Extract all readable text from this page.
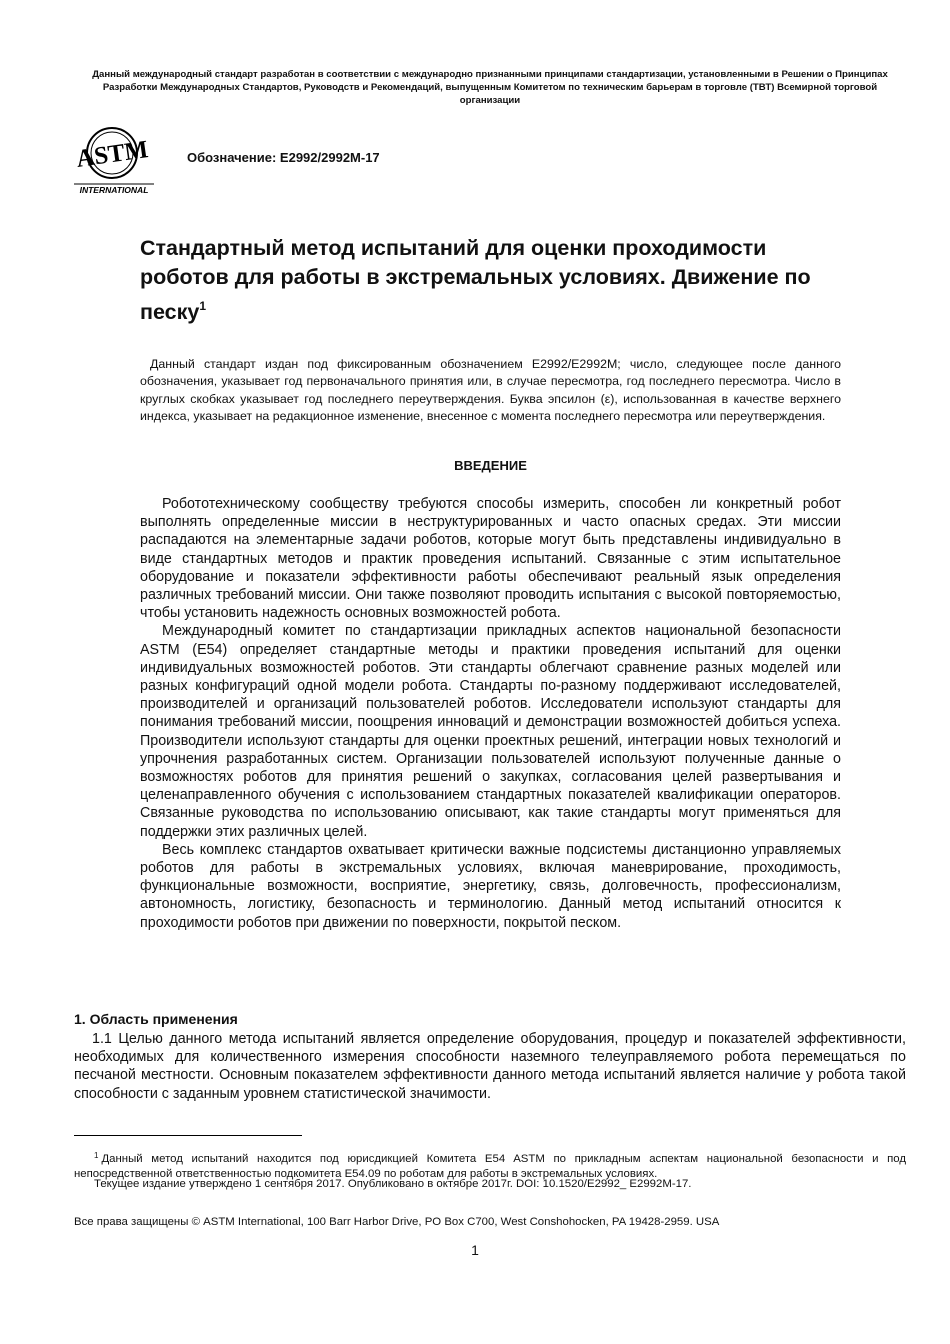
Данный международный стандарт разработан в соответствии с международно признанными принципами стандартизации, установленными в Решении о Принципах Разработки Международных Стандартов, Руководств и Рекомендаций, выпущенным Комитетом по техническим барьерам в торговле (ТВТ) Всемирной торговой организации
ASTM
INTERNATIONAL
Обозначение: E2992/2992M-17
Стандартный метод испытаний для оценки проходимости роботов для работы в экстремальных условиях. Движение по песку$^1$

Данный стандарт издан под фиксированным обозначением E2992/E2992M; число, следующее после данного обозначения, указывает год первоначального принятия или, в случае пересмотра, год последнего пересмотра. Число в круглых скобках указывает год последнего переутверждения. Буква эпсилон (ε), использованная в качестве верхнего индекса, указывает на редакционное изменение, внесенное с момента последнего пересмотра или переутверждения.

ВВЕДЕНИЕ

Робототехническому сообществу требуются способы измерить, способен ли конкретный робот выполнять определенные миссии в неструктурированных и часто опасных средах. Эти миссии распадаются на элементарные задачи роботов, которые могут быть представлены индивидуально в виде стандартных методов и практик проведения испытаний. Связанные с этим испытательное оборудование и показатели эффективности работы обеспечивают реальный язык определения различных требований миссии. Они также позволяют проводить испытания с высокой повторяемостью, чтобы установить надежность основных возможностей робота.

Международный комитет по стандартизации прикладных аспектов национальной безопасности ASTM (E54) определяет стандартные методы и практики проведения испытаний для оценки индивидуальных возможностей роботов. Эти стандарты облегчают сравнение разных моделей или разных конфигураций одной модели робота. Стандарты по-разному поддерживают исследователей, производителей и организаций пользователей роботов. Исследователи используют стандарты для понимания требований миссии, поощрения инноваций и демонстрации возможностей добиться успеха. Производители используют стандарты для оценки проектных решений, интеграции новых технологий и упрочнения разработанных систем. Организации пользователей используют полученные данные о возможностях роботов для принятия решений о закупках, согласования целей развертывания и целенаправленного обучения с использованием стандартных показателей квалификации операторов. Связанные руководства по использованию описывают, как такие стандарты могут применяться для поддержки этих различных целей.

Весь комплекс стандартов охватывает критически важные подсистемы дистанционно управляемых роботов для работы в экстремальных условиях, включая маневрирование, проходимость, функциональные возможности, восприятие, энергетику, связь, долговечность, профессионализм, автономность, логистику, безопасность и терминологию. Данный метод испытаний относится к проходимости роботов при движении по поверхности, покрытой песком.

1. Область применения

1.1 Целью данного метода испытаний является определение оборудования, процедур и показателей эффективности, необходимых для количественного измерения способности наземного телеуправляемого робота перемещаться по песчаной местности. Основным показателем эффективности данного метода испытаний является наличие у робота такой способности с заданным уровнем статистической значимости.

$^1$ Данный метод испытаний находится под юрисдикцией Комитета E54 ASTM по прикладным аспектам национальной безопасности и под непосредственной ответственностью подкомитета E54.09 по роботам для работы в экстремальных условиях.

Текущее издание утверждено 1 сентября 2017. Опубликовано в октябре 2017г. DOI: 10.1520/E2992_ E2992M-17.
Все права защищены © ASTM International, 100 Barr Harbor Drive, PO Box C700, West Conshohocken, PA 19428-2959. USA
1
